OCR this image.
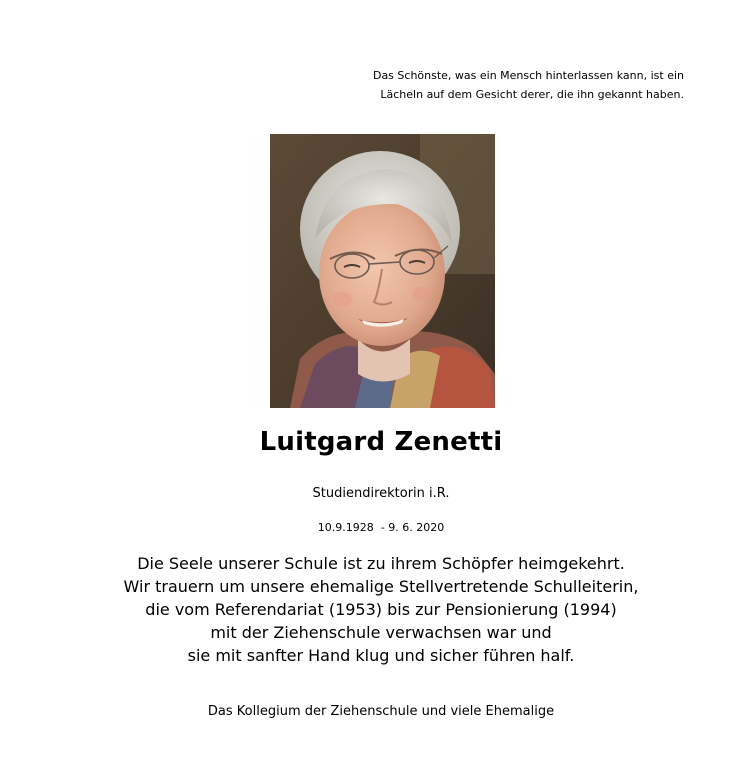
Das Schönste, was ein Mensch hinterlassen kann, ist ein
Lächeln auf dem Gesicht derer, die ihn gekannt haben.

Luitgard Zenetti

Studiendirektorin i.R.

10.9.1928  - 9. 6. 2020

Die Seele unserer Schule ist zu ihrem Schöpfer heimgekehrt.
Wir trauern um unsere ehemalige Stellvertretende Schulleiterin,
die vom Referendariat (1953) bis zur Pensionierung (1994)
mit der Ziehenschule verwachsen war und
sie mit sanfter Hand klug und sicher führen half.

Das Kollegium der Ziehenschule und viele Ehemalige
